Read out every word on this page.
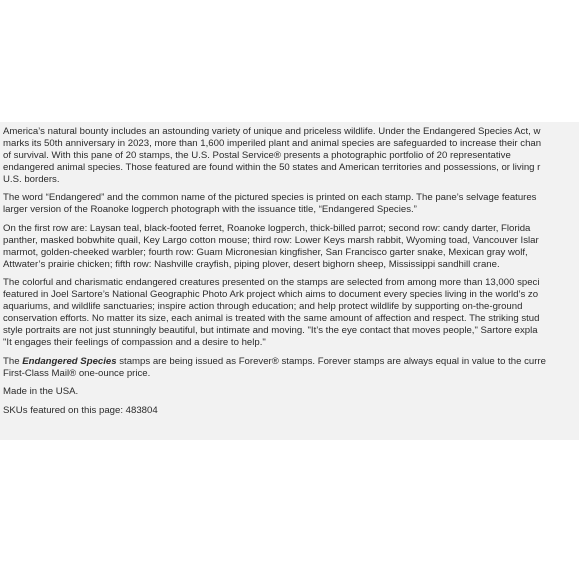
America’s natural bounty includes an astounding variety of unique and priceless wildlife. Under the Endangered Species Act, w
marks its 50th anniversary in 2023, more than 1,600 imperiled plant and animal species are safeguarded to increase their chan
of survival. With this pane of 20 stamps, the U.S. Postal Service® presents a photographic portfolio of 20 representative
endangered animal species. Those featured are found within the 50 states and American territories and possessions, or living r
U.S. borders.

The word “Endangered” and the common name of the pictured species is printed on each stamp. The pane’s selvage features
larger version of the Roanoke logperch photograph with the issuance title, “Endangered Species.”

On the first row are: Laysan teal, black-footed ferret, Roanoke logperch, thick-billed parrot; second row: candy darter, Florida
panther, masked bobwhite quail, Key Largo cotton mouse; third row: Lower Keys marsh rabbit, Wyoming toad, Vancouver Islar
marmot, golden-cheeked warbler; fourth row: Guam Micronesian kingfisher, San Francisco garter snake, Mexican gray wolf,
Attwater’s prairie chicken; fifth row: Nashville crayfish, piping plover, desert bighorn sheep, Mississippi sandhill crane.

The colorful and charismatic endangered creatures presented on the stamps are selected from among more than 13,000 speci
featured in Joel Sartore’s National Geographic Photo Ark project which aims to document every species living in the world’s zo
aquariums, and wildlife sanctuaries; inspire action through education; and help protect wildlife by supporting on-the-ground
conservation efforts. No matter its size, each animal is treated with the same amount of affection and respect. The striking stud
style portraits are not just stunningly beautiful, but intimate and moving. "It’s the eye contact that moves people," Sartore expla
"It engages their feelings of compassion and a desire to help."

The Endangered Species stamps are being issued as Forever® stamps. Forever stamps are always equal in value to the curre
First-Class Mail® one-ounce price.

Made in the USA.

SKUs featured on this page: 483804
